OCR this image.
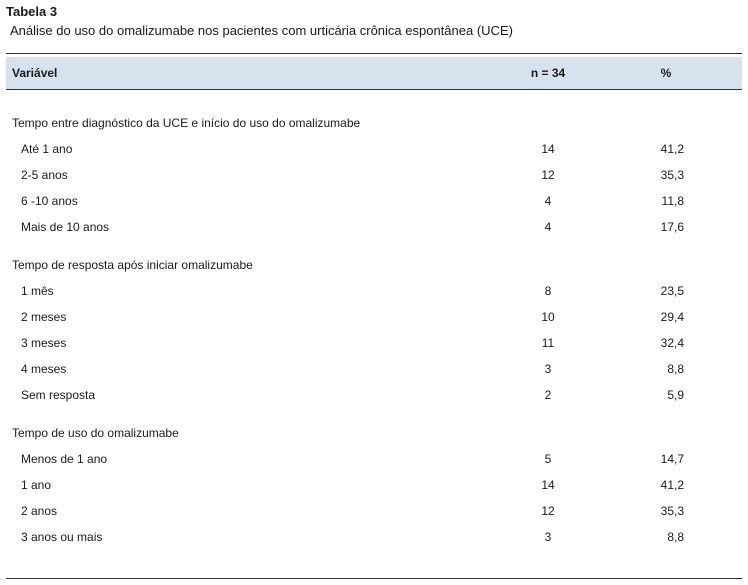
Tabela 3
Análise do uso do omalizumabe nos pacientes com urticária crônica espontânea (UCE)
Variável	n = 34	%
Tempo entre diagnóstico da UCE e início do uso do omalizumabe
Até 1 ano	14	41,2
2-5 anos	12	35,3
6 -10 anos	4	11,8
Mais de 10 anos	4	17,6
Tempo de resposta após iniciar omalizumabe
1 mês	8	23,5
2 meses	10	29,4
3 meses	11	32,4
4 meses	3	8,8
Sem resposta	2	5,9
Tempo de uso do omalizumabe
Menos de 1 ano	5	14,7
1 ano	14	41,2
2 anos	12	35,3
3 anos ou mais	3	8,8
